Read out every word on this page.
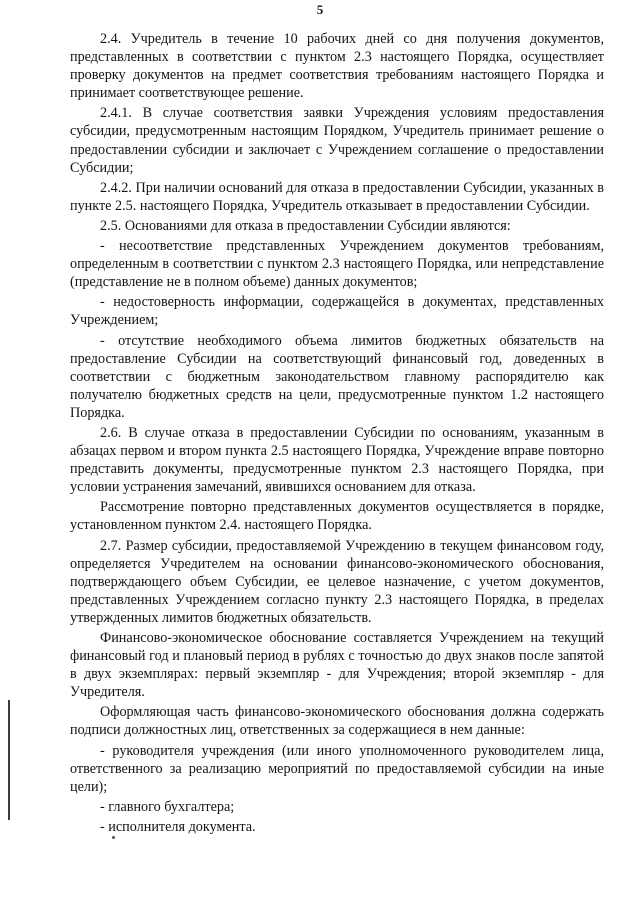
5

2.4. Учредитель в течение 10 рабочих дней со дня получения документов, представленных в соответствии с пунктом 2.3 настоящего Порядка, осуществляет проверку документов на предмет соответствия требованиям настоящего Порядка и принимает соответствующее решение.

2.4.1. В случае соответствия заявки Учреждения условиям предоставления субсидии, предусмотренным настоящим Порядком, Учредитель принимает решение о предоставлении субсидии и заключает с Учреждением соглашение о предоставлении Субсидии;

2.4.2. При наличии оснований для отказа в предоставлении Субсидии, указанных в пункте 2.5. настоящего Порядка, Учредитель отказывает в предоставлении Субсидии.

2.5. Основаниями для отказа в предоставлении Субсидии являются:

- несоответствие представленных Учреждением документов требованиям, определенным в соответствии с пунктом 2.3 настоящего Порядка, или непредставление (представление не в полном объеме) данных документов;

- недостоверность информации, содержащейся в документах, представленных Учреждением;

- отсутствие необходимого объема лимитов бюджетных обязательств на предоставление Субсидии на соответствующий финансовый год, доведенных в соответствии с бюджетным законодательством главному распорядителю как получателю бюджетных средств на цели, предусмотренные пунктом 1.2 настоящего Порядка.

2.6. В случае отказа в предоставлении Субсидии по основаниям, указанным в абзацах первом и втором пункта 2.5 настоящего Порядка, Учреждение вправе повторно представить документы, предусмотренные пунктом 2.3 настоящего Порядка, при условии устранения замечаний, явившихся основанием для отказа.

Рассмотрение повторно представленных документов осуществляется в порядке, установленном пунктом 2.4. настоящего Порядка.

2.7. Размер субсидии, предоставляемой Учреждению в текущем финансовом году, определяется Учредителем на основании финансово-экономического обоснования, подтверждающего объем Субсидии, ее целевое назначение, с учетом документов, представленных Учреждением согласно пункту 2.3 настоящего Порядка, в пределах утвержденных лимитов бюджетных обязательств.

Финансово-экономическое обоснование составляется Учреждением на текущий финансовый год и плановый период в рублях с точностью до двух знаков после запятой в двух экземплярах: первый экземпляр - для Учреждения; второй экземпляр - для Учредителя.

Оформляющая часть финансово-экономического обоснования должна содержать подписи должностных лиц, ответственных за содержащиеся в нем данные:

- руководителя учреждения (или иного уполномоченного руководителем лица, ответственного за реализацию мероприятий по предоставляемой субсидии на иные цели);

- главного бухгалтера;

- исполнителя документа.
